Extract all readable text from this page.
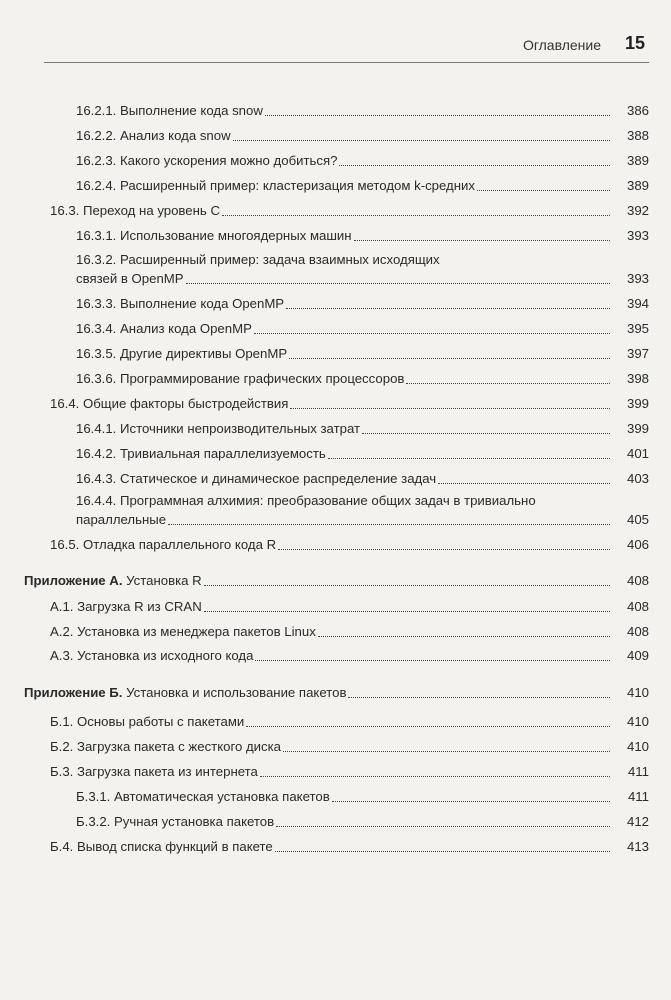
Оглавление 15
16.2.1. Выполнение кода snow	386
16.2.2. Анализ кода snow	388
16.2.3. Какого ускорения можно добиться?	389
16.2.4. Расширенный пример: кластеризация методом k-средних	389
16.3. Переход на уровень С	392
16.3.1. Использование многоядерных машин	393
16.3.2. Расширенный пример: задача взаимных исходящих
связей в OpenMP	393
16.3.3. Выполнение кода OpenMP	394
16.3.4. Анализ кода OpenMP	395
16.3.5. Другие директивы OpenMP	397
16.3.6. Программирование графических процессоров	398
16.4. Общие факторы быстродействия	399
16.4.1. Источники непроизводительных затрат	399
16.4.2. Тривиальная параллелизуемость	401
16.4.3. Статическое и динамическое распределение задач	403
16.4.4. Программная алхимия: преобразование общих задач в тривиально
параллельные	405
16.5. Отладка параллельного кода R	406
Приложение А. Установка R	408
А.1. Загрузка R из CRAN	408
А.2. Установка из менеджера пакетов Linux	408
А.3. Установка из исходного кода	409
Приложение Б. Установка и использование пакетов	410
Б.1. Основы работы с пакетами	410
Б.2. Загрузка пакета с жесткого диска	410
Б.3. Загрузка пакета из интернета	411
Б.3.1. Автоматическая установка пакетов	411
Б.3.2. Ручная установка пакетов	412
Б.4. Вывод списка функций в пакете	413
